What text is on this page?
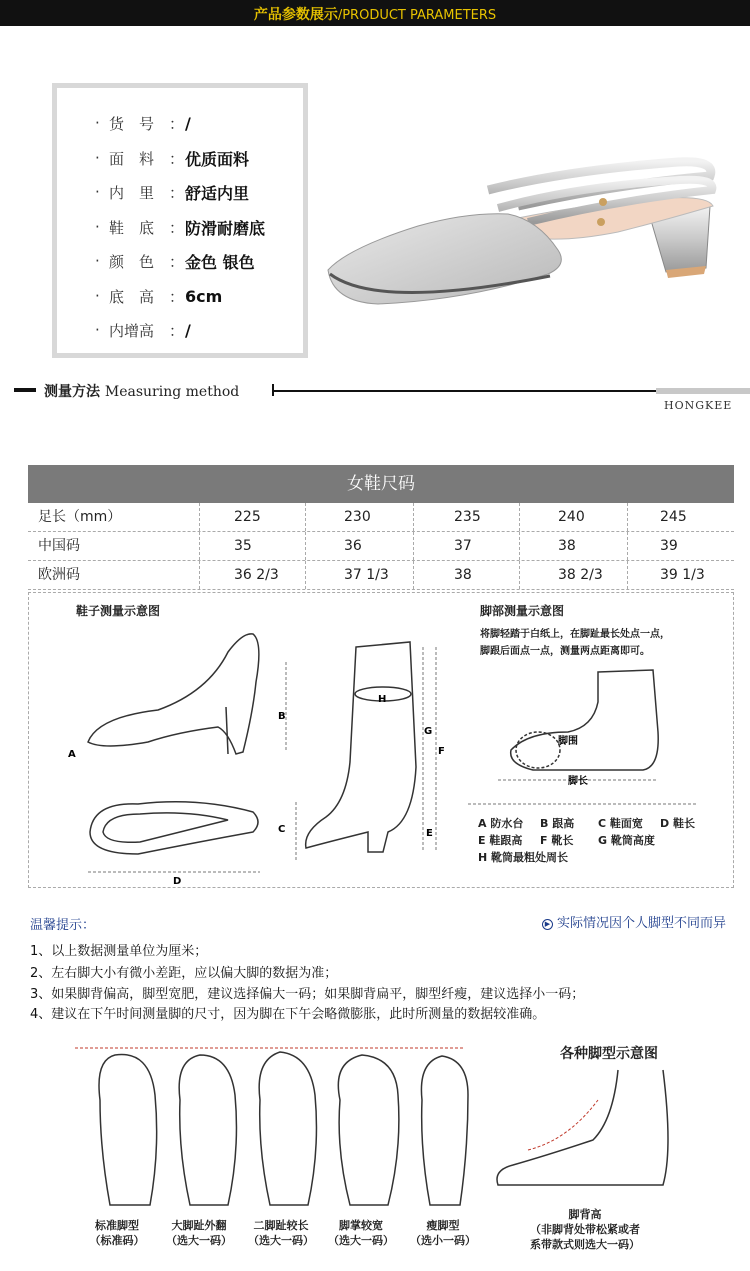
产品参数展示/PRODUCT PARAMETERS
· 货　号 ： /
· 面　料 ： 优质面料
· 内　里 ： 舒适内里
· 鞋　底 ： 防滑耐磨底
· 颜　色 ： 金色 银色
· 底　高 ： 6cm
· 内增高 ： /
测量方法 Measuring method
HONGKEE
女鞋尺码
足长（mm）	225	230	235	240	245
中国码	35	36	37	38	39
欧洲码	36 2/3	37 1/3	38	38 2/3	39 1/3
鞋子测量示意图	脚部测量示意图
将脚轻踏于白纸上，在脚趾最长处点一点，
脚跟后面点一点，测量两点距离即可。
A
B
C
D
E
F
G
H
脚围
脚长
A 防水台 B 跟高 C 鞋面宽 D 鞋长
E 鞋跟高 F 靴长 G 靴筒高度
H 靴筒最粗处周长
温馨提示：	▶ 实际情况因个人脚型不同而异
1、以上数据测量单位为厘米；
2、左右脚大小有微小差距，应以偏大脚的数据为准；
3、如果脚背偏高，脚型宽肥，建议选择偏大一码；如果脚背扁平，脚型纤瘦，建议选择小一码；
4、建议在下午时间测量脚的尺寸，因为脚在下午会略微膨胀，此时所测量的数据较准确。
各种脚型示意图
标准脚型
（标准码）
大脚趾外翻
（选大一码）
二脚趾较长
（选大一码）
脚掌较宽
（选大一码）
瘦脚型
（选小一码）
脚背高
（非脚背处带松紧或者
系带款式则选大一码）
